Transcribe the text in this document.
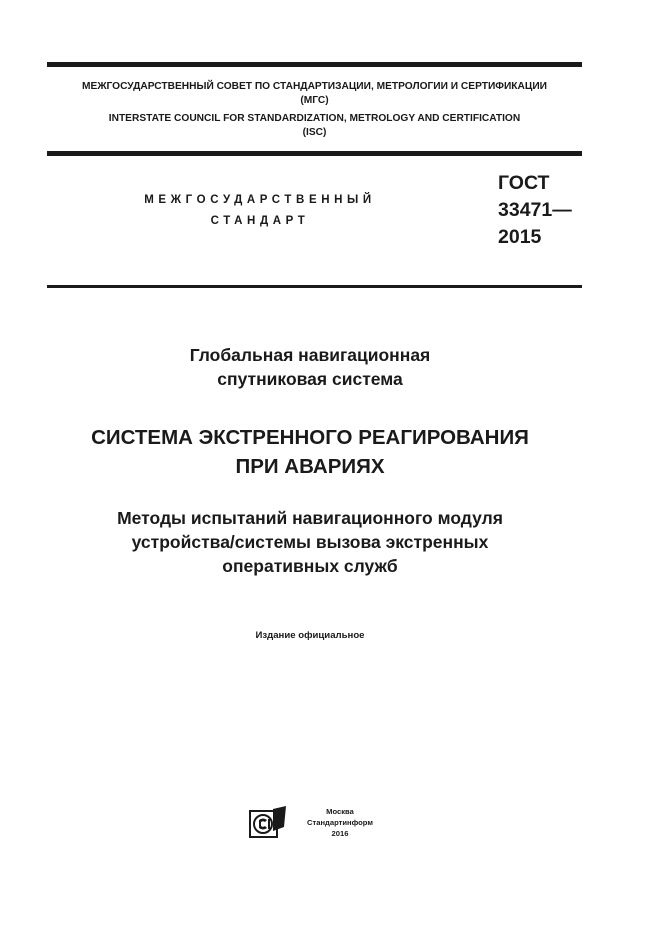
МЕЖГОСУДАРСТВЕННЫЙ СОВЕТ ПО СТАНДАРТИЗАЦИИ, МЕТРОЛОГИИ И СЕРТИФИКАЦИИ
(МГС)
INTERSTATE COUNCIL FOR STANDARDIZATION, METROLOGY AND CERTIFICATION
(ISC)
МЕЖГОСУДАРСТВЕННЫЙ
СТАНДАРТ
ГОСТ
33471—
2015
Глобальная навигационная
спутниковая система
СИСТЕМА ЭКСТРЕННОГО РЕАГИРОВАНИЯ
ПРИ АВАРИЯХ
Методы испытаний навигационного модуля
устройства/системы вызова экстренных
оперативных служб
Издание официальное
Москва
Стандартинформ
2016
